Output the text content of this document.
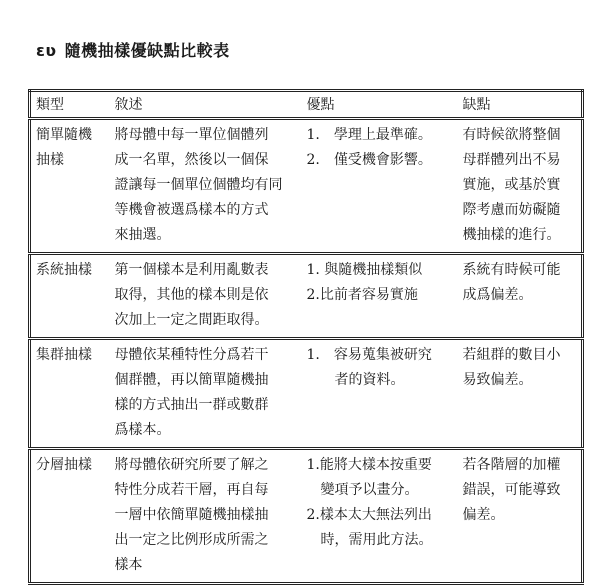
ɛʋ 隨機抽樣優缺點比較表
類型	敘述	優點	缺點

簡單隨機
抽樣	將母體中每一單位個體列
成一名單，然後以一個保
證讓每一個單位個體均有同
等機會被選爲樣本的方式
來抽選。	1.　學理上最準確。
2.　僅受機會影響。	有時候欲將整個
母群體列出不易
實施，或基於實
際考慮而妨礙隨
機抽樣的進行。

系統抽樣	第一個樣本是利用亂數表
取得，其他的樣本則是依
次加上一定之間距取得。	1. 與隨機抽樣類似
2.比前者容易實施	系統有時候可能
成爲偏差。

集群抽樣	母體依某種特性分爲若干
個群體，再以簡單隨機抽
樣的方式抽出一群或數群
爲樣本。	1.　容易蒐集被研究
　　者的資料。	若組群的數目小
易致偏差。

分層抽樣	將母體依研究所要了解之
特性分成若干層，再自每
一層中依簡單隨機抽樣抽
出一定之比例形成所需之
樣本	1.能將大樣本按重要
　變項予以畫分。
2.樣本太大無法列出
　時，需用此方法。	若各階層的加權
錯誤，可能導致
偏差。
